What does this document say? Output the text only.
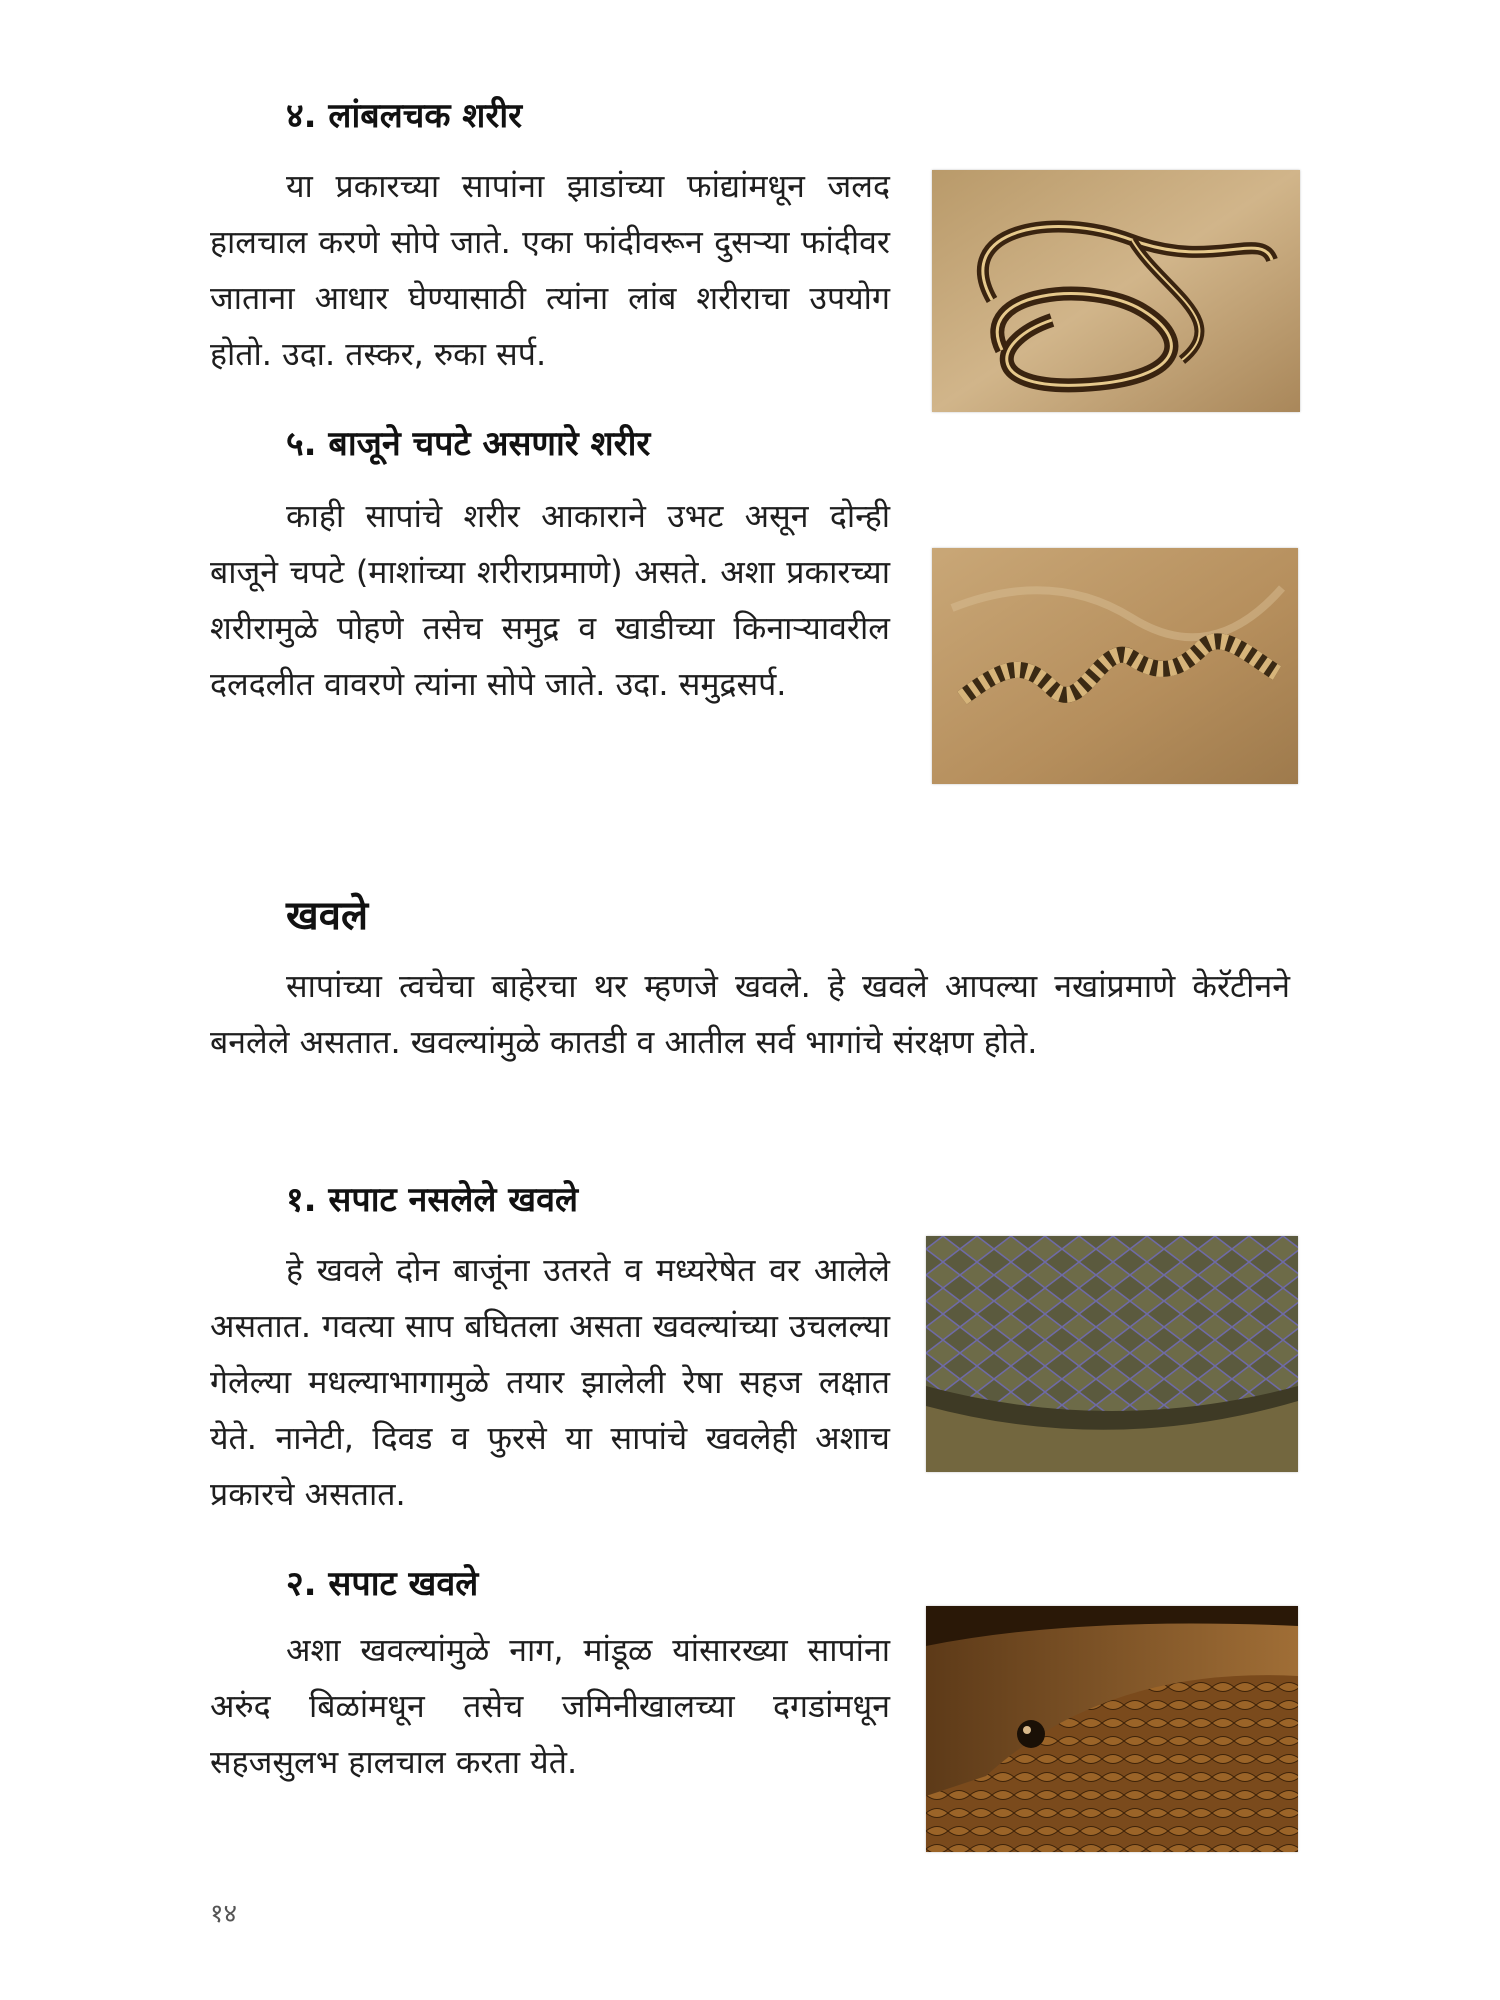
४. लांबलचक शरीर

या प्रकारच्या सापांना झाडांच्या फांद्यांमधून जलद हालचाल करणे सोपे जाते. एका फांदीवरून दुसऱ्या फांदीवर जाताना आधार घेण्यासाठी त्यांना लांब शरीराचा उपयोग होतो. उदा. तस्कर, रुका सर्प.

५. बाजूने चपटे असणारे शरीर

काही सापांचे शरीर आकाराने उभट असून दोन्ही बाजूने चपटे (माशांच्या शरीराप्रमाणे) असते. अशा प्रकारच्या शरीरामुळे पोहणे तसेच समुद्र व खाडीच्या किनाऱ्यावरील दलदलीत वावरणे त्यांना सोपे जाते. उदा. समुद्रसर्प.

खवले

सापांच्या त्वचेचा बाहेरचा थर म्हणजे खवले. हे खवले आपल्या नखांप्रमाणे केरॅटीनने बनलेले असतात. खवल्यांमुळे कातडी व आतील सर्व भागांचे संरक्षण होते.

१. सपाट नसलेले खवले

हे खवले दोन बाजूंना उतरते व मध्यरेषेत वर आलेले असतात. गवत्या साप बघितला असता खवल्यांच्या उचलल्या गेलेल्या मधल्याभागामुळे तयार झालेली रेषा सहज लक्षात येते. नानेटी, दिवड व फुरसे या सापांचे खवलेही अशाच प्रकारचे असतात.

२. सपाट खवले

अशा खवल्यांमुळे नाग, मांडूळ यांसारख्या सापांना अरुंद बिळांमधून तसेच जमिनीखालच्या दगडांमधून सहजसुलभ हालचाल करता येते.

१४
